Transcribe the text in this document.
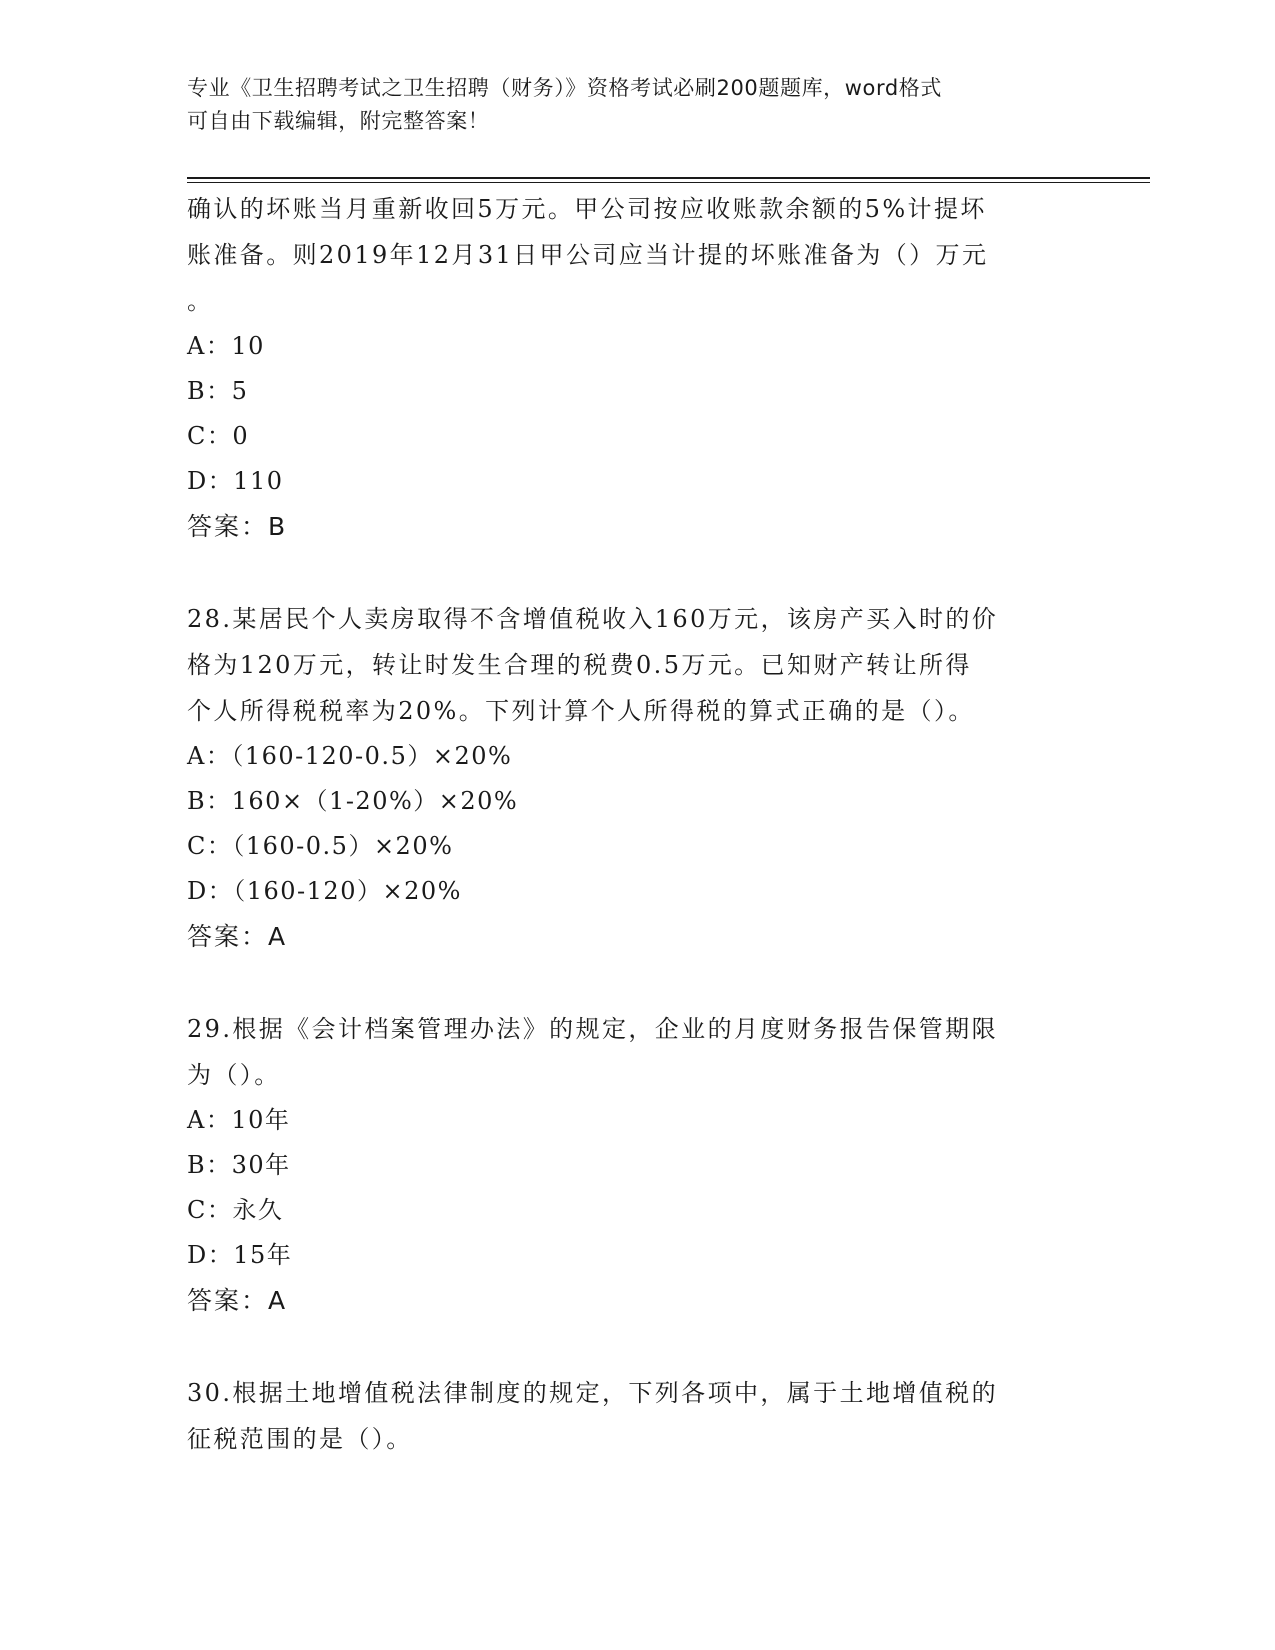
专业《卫生招聘考试之卫生招聘（财务）》资格考试必刷200题题库，word格式
可自由下载编辑，附完整答案！
确认的坏账当月重新收回5万元。甲公司按应收账款余额的5%计提坏
账准备。则2019年12月31日甲公司应当计提的坏账准备为（）万元
。
A：10
B：5
C：0
D：110
答案：B
28.某居民个人卖房取得不含增值税收入160万元，该房产买入时的价
格为120万元，转让时发生合理的税费0.5万元。已知财产转让所得
个人所得税税率为20%。下列计算个人所得税的算式正确的是（）。
A：（160-120-0.5）×20%
B：160×（1-20%）×20%
C：（160-0.5）×20%
D：（160-120）×20%
答案：A
29.根据《会计档案管理办法》的规定，企业的月度财务报告保管期限
为（）。
A：10年
B：30年
C：永久
D：15年
答案：A
30.根据土地增值税法律制度的规定，下列各项中，属于土地增值税的
征税范围的是（）。
